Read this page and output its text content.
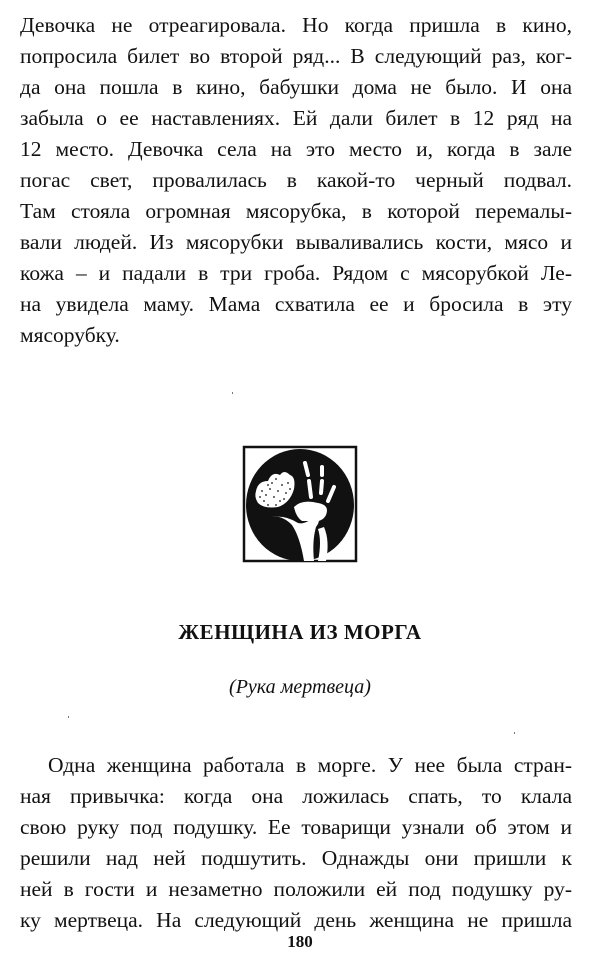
Девочка не отреагировала. Но когда пришла в кино,
попросила билет во второй ряд... В следующий раз, ког-
да она пошла в кино, бабушки дома не было. И она
забыла о ее наставлениях. Ей дали билет в 12 ряд на
12 место. Девочка села на это место и, когда в зале
погас свет, провалилась в какой-то черный подвал.
Там стояла огромная мясорубка, в которой перемалы-
вали людей. Из мясорубки вываливались кости, мясо и
кожа – и падали в три гроба. Рядом с мясорубкой Ле-
на увидела маму. Мама схватила ее и бросила в эту
мясорубку.
ЖЕНЩИНА ИЗ МОРГА
(Рука мертвеца)
Одна женщина работала в морге. У нее была стран-
ная привычка: когда она ложилась спать, то клала
свою руку под подушку. Ее товарищи узнали об этом и
решили над ней подшутить. Однажды они пришли к
ней в гости и незаметно положили ей под подушку ру-
ку мертвеца. На следующий день женщина не пришла
180
